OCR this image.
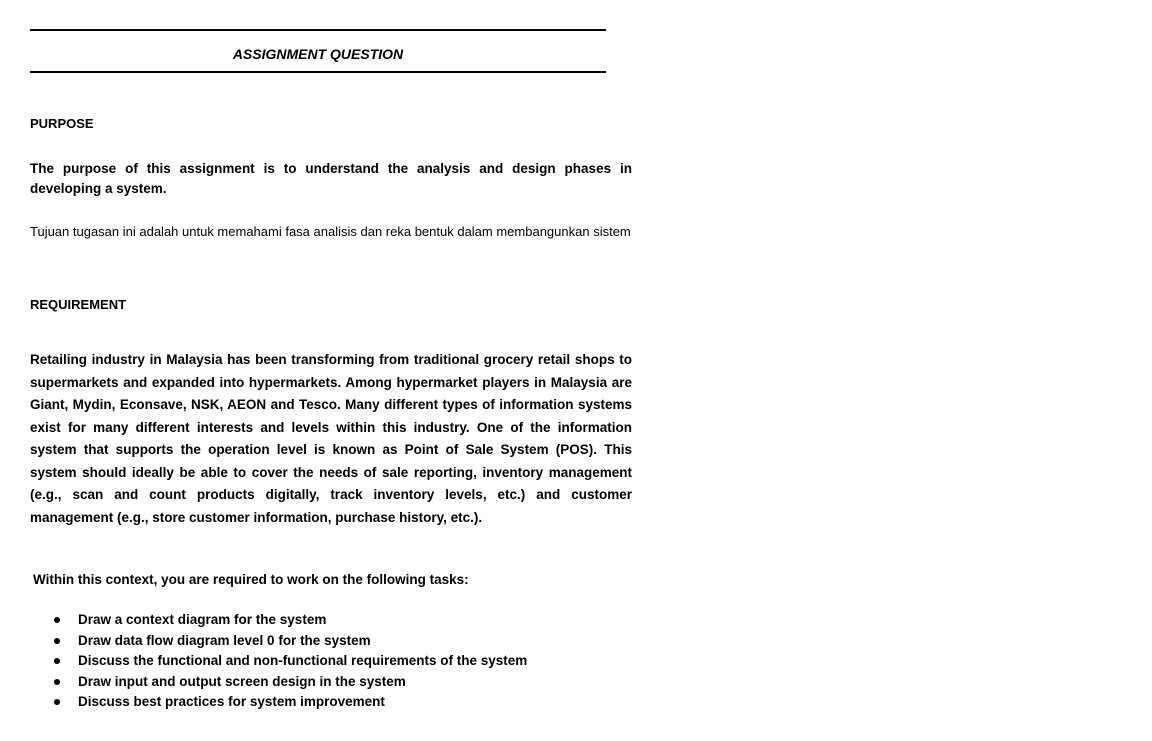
ASSIGNMENT QUESTION
PURPOSE
The purpose of this assignment is to understand the analysis and design phases in developing a system.
Tujuan tugasan ini adalah untuk memahami fasa analisis dan reka bentuk dalam membangunkan sistem
REQUIREMENT
Retailing industry in Malaysia has been transforming from traditional grocery retail shops to supermarkets and expanded into hypermarkets. Among hypermarket players in Malaysia are Giant, Mydin, Econsave, NSK, AEON and Tesco. Many different types of information systems exist for many different interests and levels within this industry. One of the information system that supports the operation level is known as Point of Sale System (POS). This system should ideally be able to cover the needs of sale reporting, inventory management (e.g., scan and count products digitally, track inventory levels, etc.) and customer management (e.g., store customer information, purchase history, etc.).
Within this context, you are required to work on the following tasks:
Draw a context diagram for the system
Draw data flow diagram level 0 for the system
Discuss the functional and non-functional requirements of the system
Draw input and output screen design in the system
Discuss best practices for system improvement
